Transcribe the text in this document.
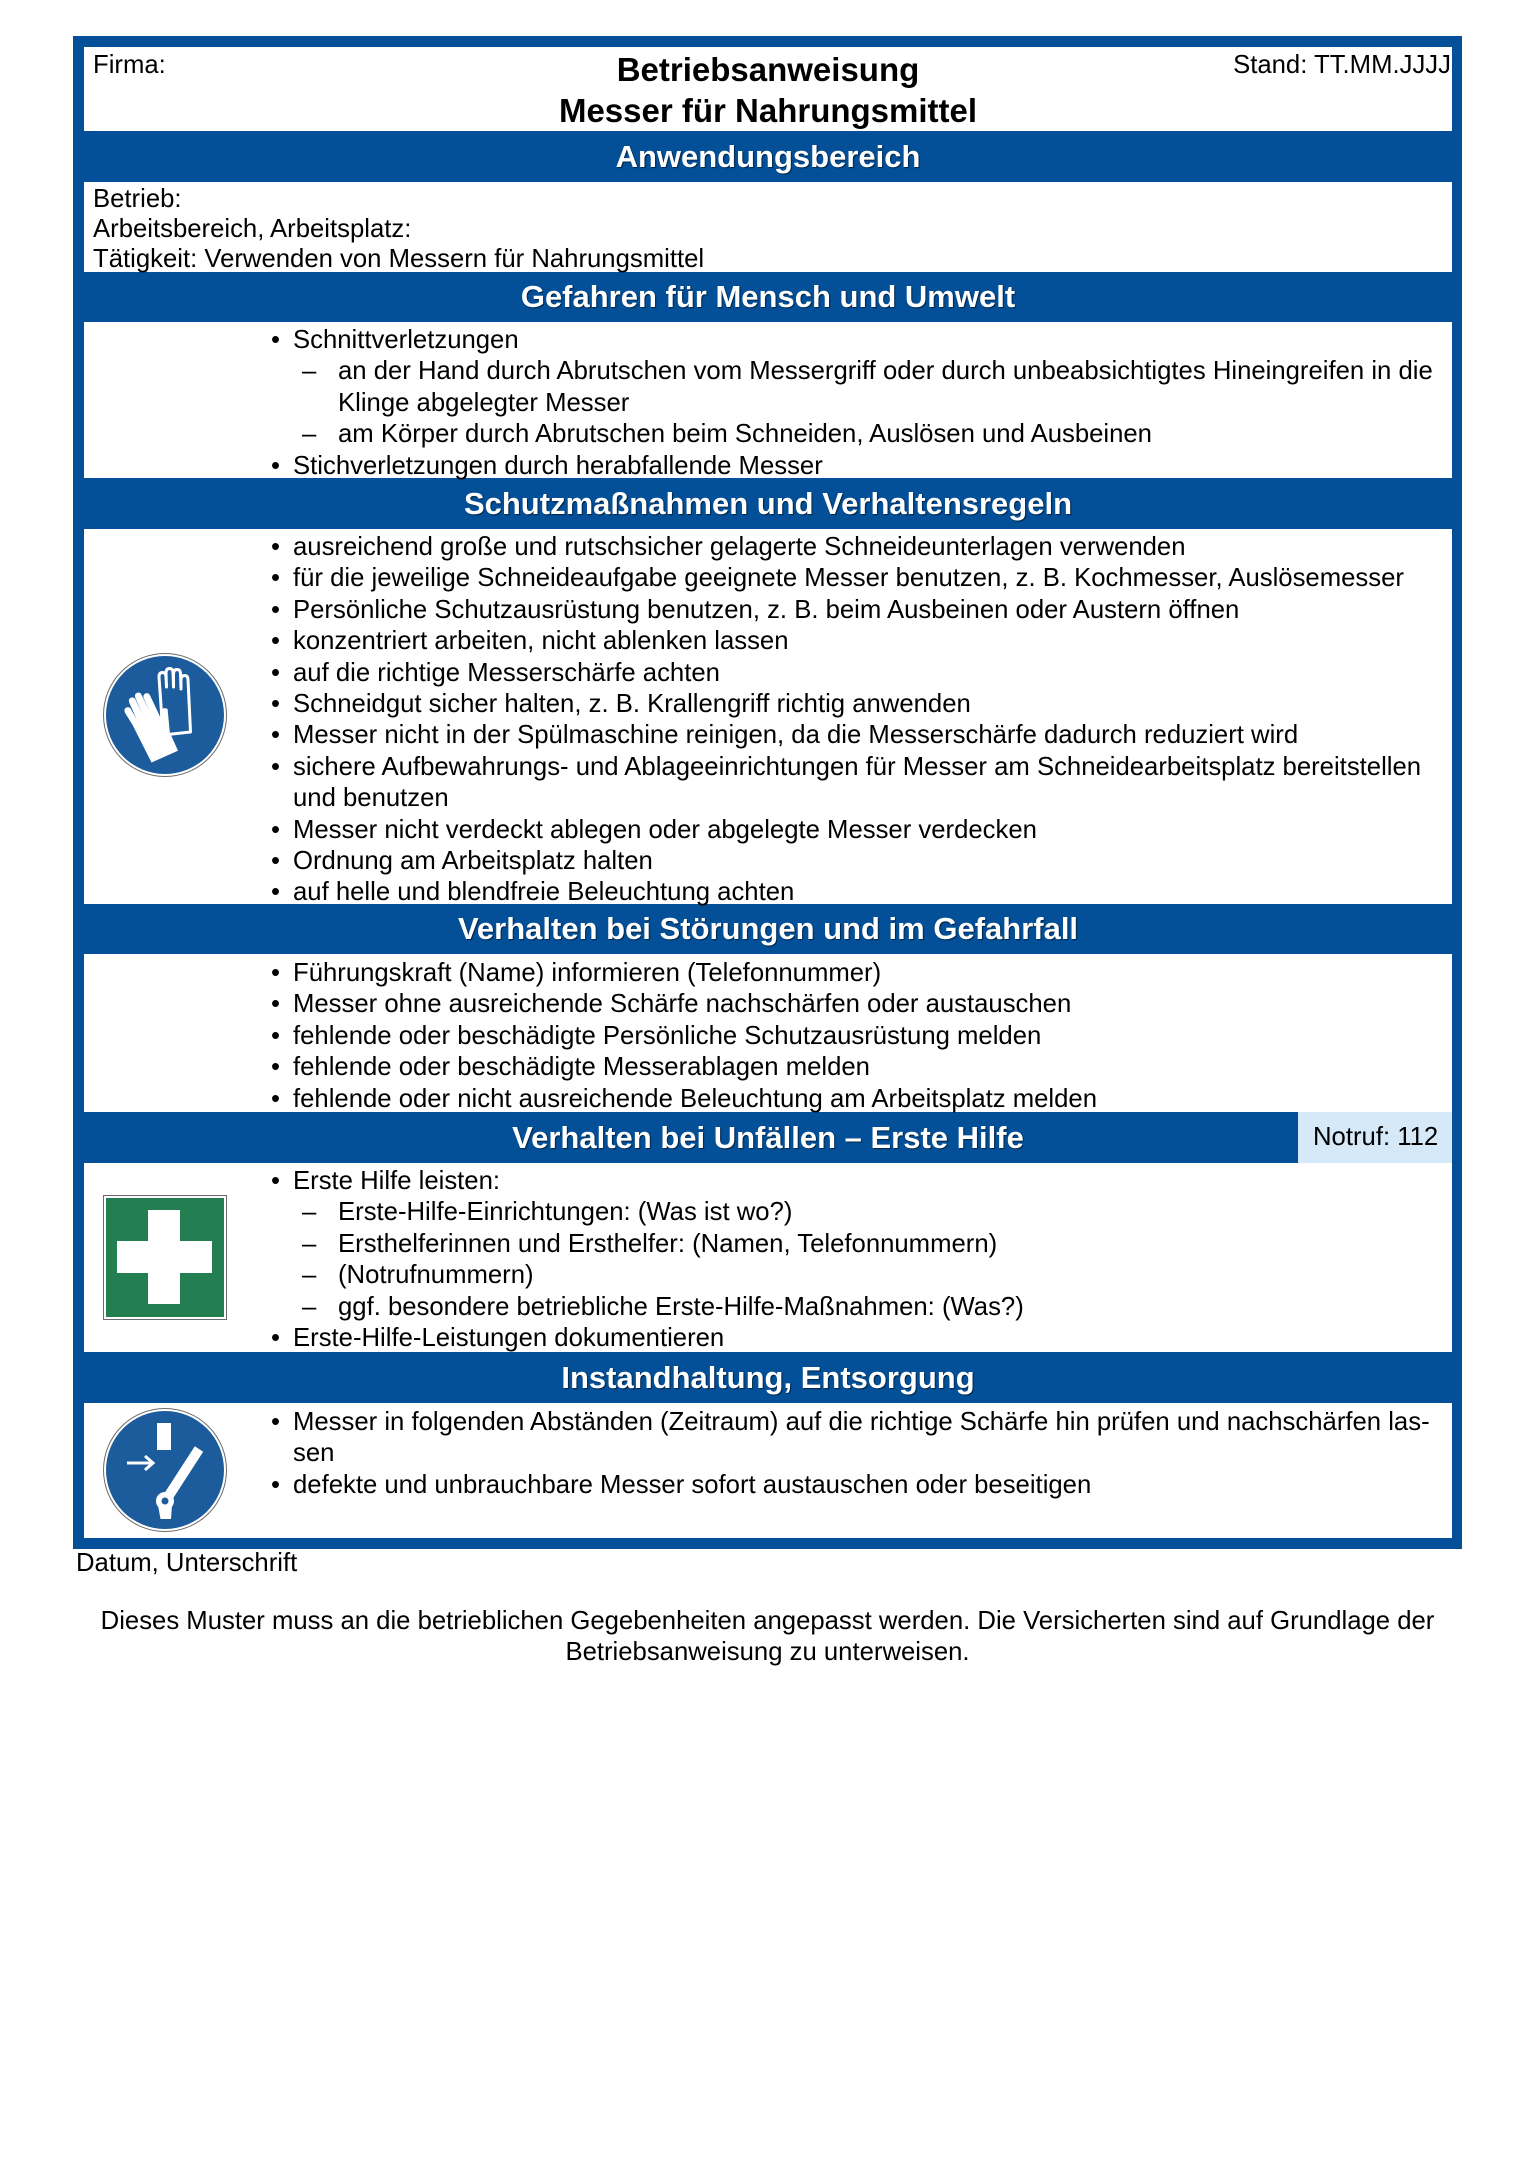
Firma:	Betriebsanweisung
Messer für Nahrungsmittel
Stand: TT.MM.JJJJ
Anwendungsbereich
Betrieb:
Arbeitsbereich, Arbeitsplatz:
Tätigkeit: Verwenden von Messern für Nahrungsmittel
Gefahren für Mensch und Umwelt
• Schnittverletzungen
– an der Hand durch Abrutschen vom Messergriff oder durch unbeabsichtigtes Hineingreifen in die Klinge abgelegter Messer
– am Körper durch Abrutschen beim Schneiden, Auslösen und Ausbeinen
• Stichverletzungen durch herabfallende Messer
Schutzmaßnahmen und Verhaltensregeln
• ausreichend große und rutschsicher gelagerte Schneideunterlagen verwenden
• für die jeweilige Schneideaufgabe geeignete Messer benutzen, z. B. Kochmesser, Auslösemesser
• Persönliche Schutzausrüstung benutzen, z. B. beim Ausbeinen oder Austern öffnen
• konzentriert arbeiten, nicht ablenken lassen
• auf die richtige Messerschärfe achten
• Schneidgut sicher halten, z. B. Krallengriff richtig anwenden
• Messer nicht in der Spülmaschine reinigen, da die Messerschärfe dadurch reduziert wird
• sichere Aufbewahrungs- und Ablageeinrichtungen für Messer am Schneidearbeitsplatz bereitstellen und benutzen
• Messer nicht verdeckt ablegen oder abgelegte Messer verdecken
• Ordnung am Arbeitsplatz halten
• auf helle und blendfreie Beleuchtung achten
Verhalten bei Störungen und im Gefahrfall
• Führungskraft (Name) informieren (Telefonnummer)
• Messer ohne ausreichende Schärfe nachschärfen oder austauschen
• fehlende oder beschädigte Persönliche Schutzausrüstung melden
• fehlende oder beschädigte Messerablagen melden
• fehlende oder nicht ausreichende Beleuchtung am Arbeitsplatz melden
Verhalten bei Unfällen – Erste Hilfe	Notruf: 112
• Erste Hilfe leisten:
– Erste-Hilfe-Einrichtungen: (Was ist wo?)
– Ersthelferinnen und Ersthelfer: (Namen, Telefonnummern)
– (Notrufnummern)
– ggf. besondere betriebliche Erste-Hilfe-Maßnahmen: (Was?)
• Erste-Hilfe-Leistungen dokumentieren
Instandhaltung, Entsorgung
• Messer in folgenden Abständen (Zeitraum) auf die richtige Schärfe hin prüfen und nachschärfen lassen
• defekte und unbrauchbare Messer sofort austauschen oder beseitigen
Datum, Unterschrift
Dieses Muster muss an die betrieblichen Gegebenheiten angepasst werden. Die Versicherten sind auf Grundlage der Betriebsanweisung zu unterweisen.
